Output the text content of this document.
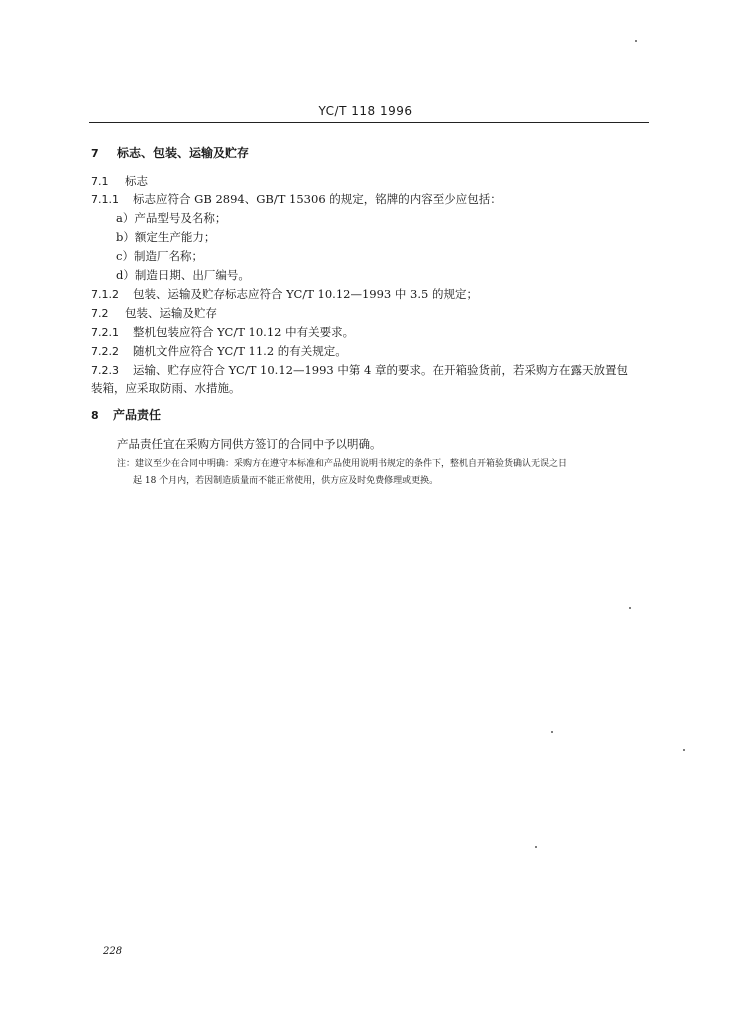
YC/T 118 1996
7 标志、包装、运输及贮存
7.1 标志
7.1.1 标志应符合 GB 2894、GB/T 15306 的规定，铭牌的内容至少应包括：
a）产品型号及名称；
b）额定生产能力；
c）制造厂名称；
d）制造日期、出厂编号。
7.1.2 包装、运输及贮存标志应符合 YC/T 10.12—1993 中 3.5 的规定；
7.2 包装、运输及贮存
7.2.1 整机包装应符合 YC/T 10.12 中有关要求。
7.2.2 随机文件应符合 YC/T 11.2 的有关规定。
7.2.3 运输、贮存应符合 YC/T 10.12—1993 中第 4 章的要求。在开箱验货前，若采购方在露天放置包
装箱，应采取防雨、水措施。
8 产品责任
产品责任宜在采购方同供方签订的合同中予以明确。
注：建议至少在合同中明确：采购方在遵守本标准和产品使用说明书规定的条件下，整机自开箱验货确认无误之日
起 18 个月内，若因制造质量而不能正常使用，供方应及时免费修理或更换。
228
